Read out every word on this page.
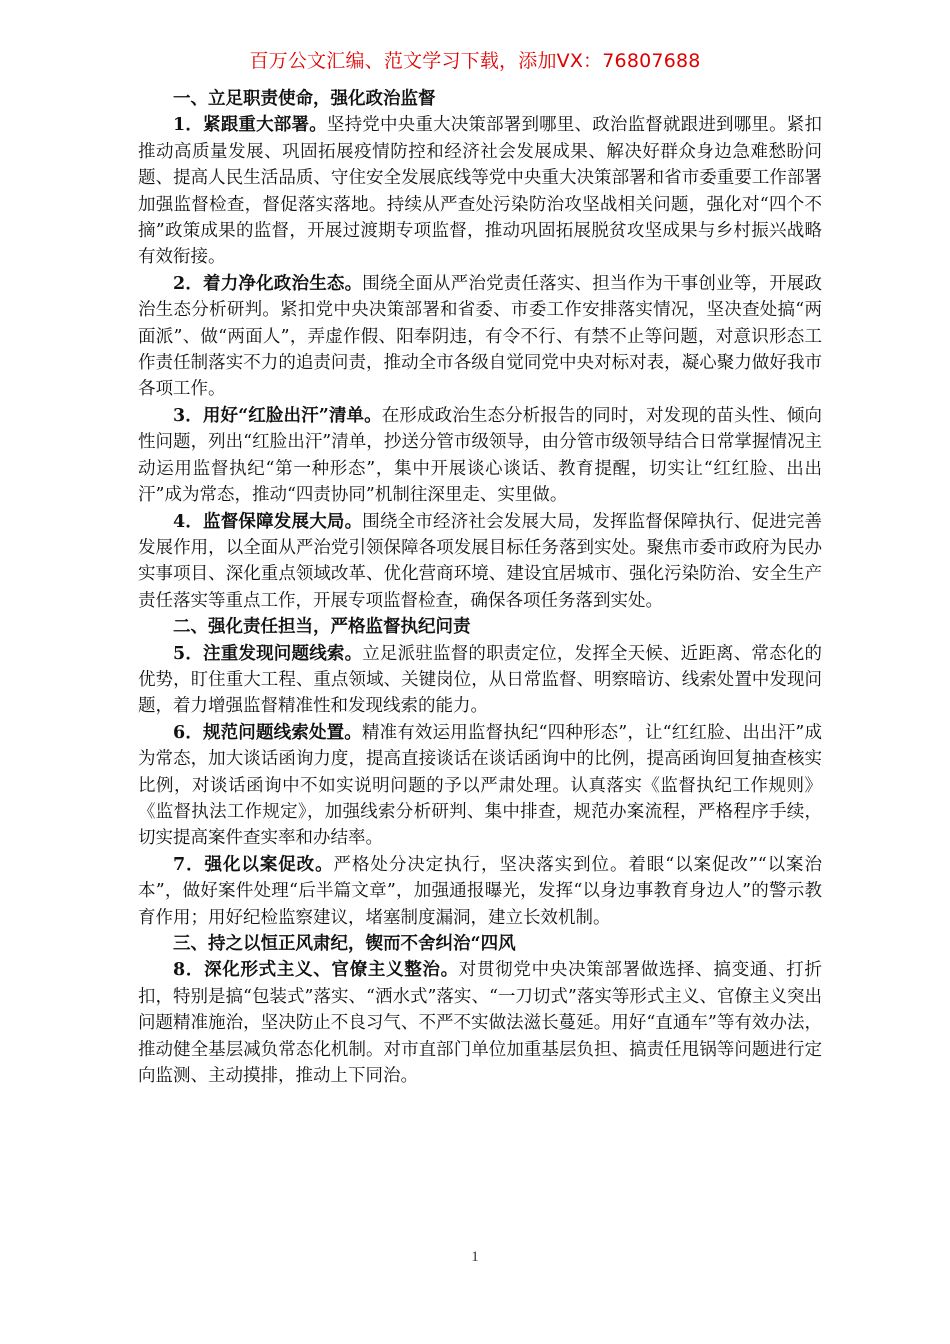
百万公文汇编、范文学习下载，添加VX：76807688

一、立足职责使命，强化政治监督

1．紧跟重大部署。坚持党中央重大决策部署到哪里、政治监督就跟进到哪里。紧扣推动高质量发展、巩固拓展疫情防控和经济社会发展成果、解决好群众身边急难愁盼问题、提高人民生活品质、守住安全发展底线等党中央重大决策部署和省市委重要工作部署加强监督检查，督促落实落地。持续从严查处污染防治攻坚战相关问题，强化对“四个不摘”政策成果的监督，开展过渡期专项监督，推动巩固拓展脱贫攻坚成果与乡村振兴战略有效衔接。

2．着力净化政治生态。围绕全面从严治党责任落实、担当作为干事创业等，开展政治生态分析研判。紧扣党中央决策部署和省委、市委工作安排落实情况，坚决查处搞“两面派”、做“两面人”，弄虚作假、阳奉阴违，有令不行、有禁不止等问题，对意识形态工作责任制落实不力的追责问责，推动全市各级自觉同党中央对标对表，凝心聚力做好我市各项工作。

3．用好“红脸出汗”清单。在形成政治生态分析报告的同时，对发现的苗头性、倾向性问题，列出“红脸出汗”清单，抄送分管市级领导，由分管市级领导结合日常掌握情况主动运用监督执纪“第一种形态”，集中开展谈心谈话、教育提醒，切实让“红红脸、出出汗”成为常态，推动“四责协同”机制往深里走、实里做。

4．监督保障发展大局。围绕全市经济社会发展大局，发挥监督保障执行、促进完善发展作用，以全面从严治党引领保障各项发展目标任务落到实处。聚焦市委市政府为民办实事项目、深化重点领域改革、优化营商环境、建设宜居城市、强化污染防治、安全生产责任落实等重点工作，开展专项监督检查，确保各项任务落到实处。

二、强化责任担当，严格监督执纪问责

5．注重发现问题线索。立足派驻监督的职责定位，发挥全天候、近距离、常态化的优势，盯住重大工程、重点领域、关键岗位，从日常监督、明察暗访、线索处置中发现问题，着力增强监督精准性和发现线索的能力。

6．规范问题线索处置。精准有效运用监督执纪“四种形态”，让“红红脸、出出汗”成为常态，加大谈话函询力度，提高直接谈话在谈话函询中的比例，提高函询回复抽查核实比例，对谈话函询中不如实说明问题的予以严肃处理。认真落实《监督执纪工作规则》《监督执法工作规定》，加强线索分析研判、集中排查，规范办案流程，严格程序手续，切实提高案件查实率和办结率。

7．强化以案促改。严格处分决定执行，坚决落实到位。着眼“以案促改”“以案治本”，做好案件处理“后半篇文章”，加强通报曝光，发挥“以身边事教育身边人”的警示教育作用；用好纪检监察建议，堵塞制度漏洞，建立长效机制。

三、持之以恒正风肃纪，锲而不舍纠治“四风

8．深化形式主义、官僚主义整治。对贯彻党中央决策部署做选择、搞变通、打折扣，特别是搞“包装式”落实、“洒水式”落实、“一刀切式”落实等形式主义、官僚主义突出问题精准施治，坚决防止不良习气、不严不实做法滋长蔓延。用好“直通车”等有效办法，推动健全基层减负常态化机制。对市直部门单位加重基层负担、搞责任甩锅等问题进行定向监测、主动摸排，推动上下同治。

1
